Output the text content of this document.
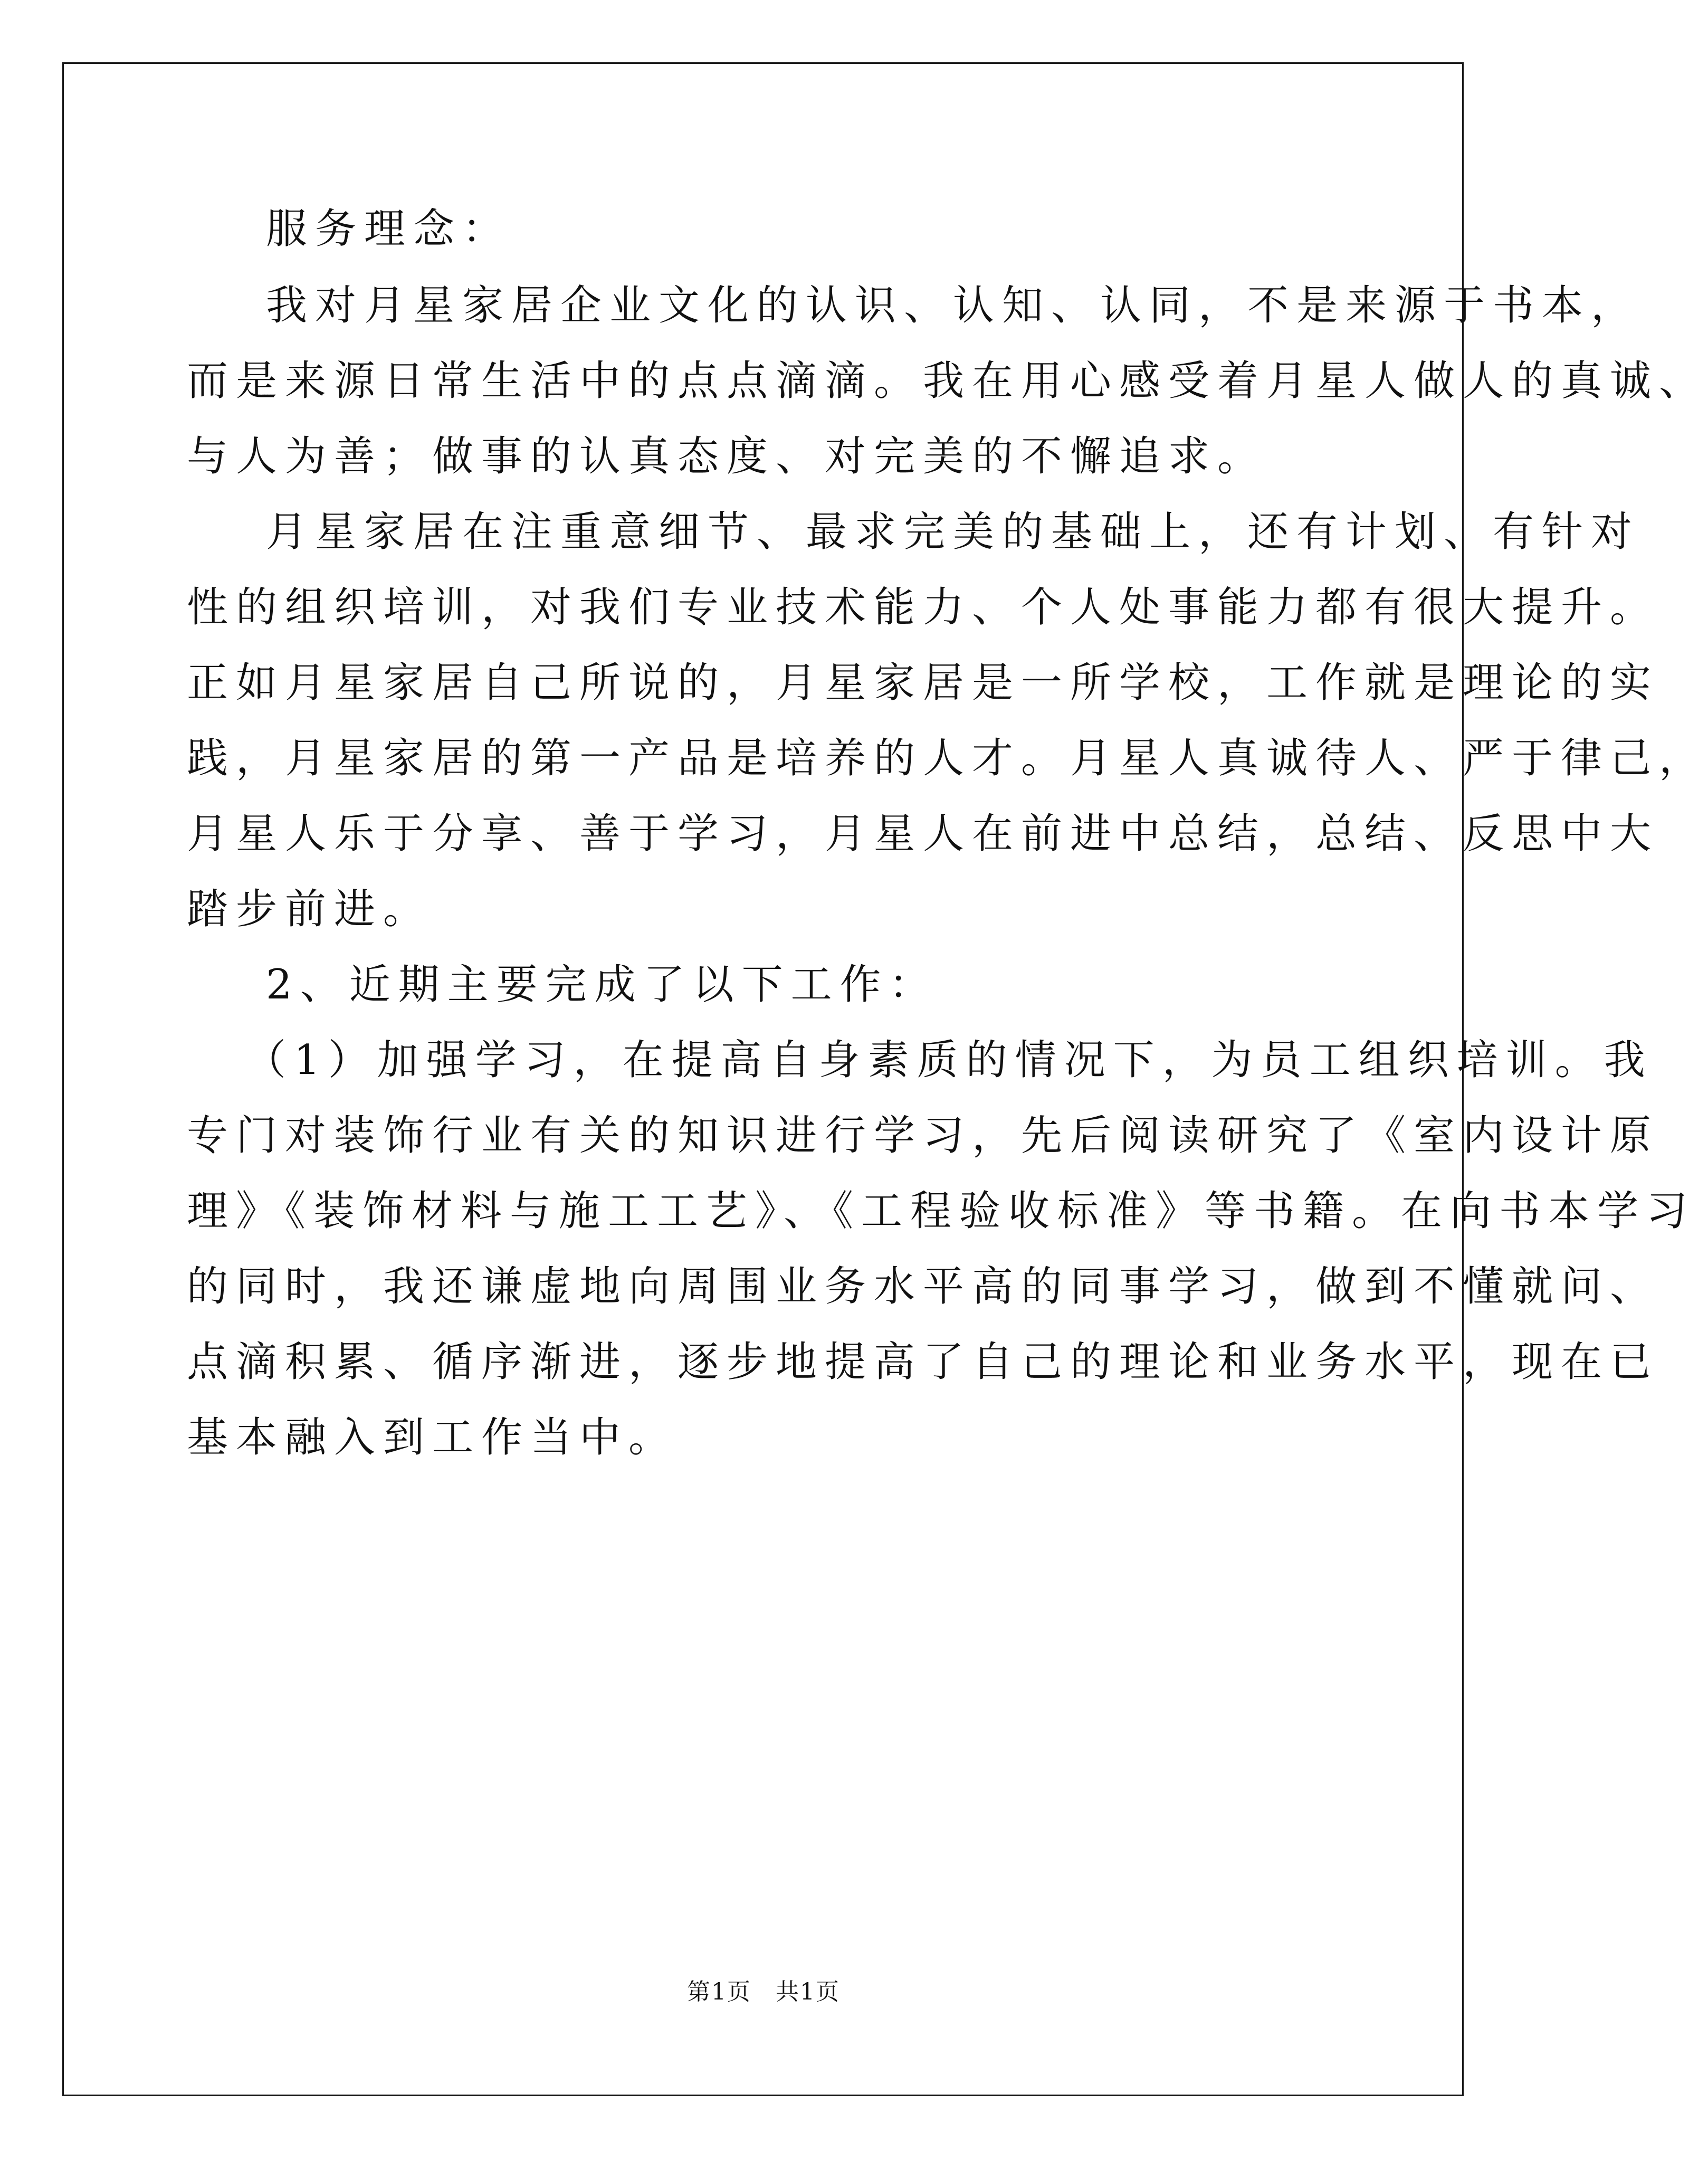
服务理念：
我对月星家居企业文化的认识、认知、认同，不是来源于书本，
而是来源日常生活中的点点滴滴。我在用心感受着月星人做人的真诚、
与人为善；做事的认真态度、对完美的不懈追求。
月星家居在注重意细节、最求完美的基础上，还有计划、有针对
性的组织培训，对我们专业技术能力、个人处事能力都有很大提升。
正如月星家居自己所说的，月星家居是一所学校，工作就是理论的实
践，月星家居的第一产品是培养的人才。月星人真诚待人、严于律己，
月星人乐于分享、善于学习，月星人在前进中总结，总结、反思中大
踏步前进。
2、近期主要完成了以下工作：
（1）加强学习，在提高自身素质的情况下，为员工组织培训。我
专门对装饰行业有关的知识进行学习，先后阅读研究了《室内设计原
理》《装饰材料与施工工艺》、《工程验收标准》等书籍。在向书本学习
的同时，我还谦虚地向周围业务水平高的同事学习，做到不懂就问、
点滴积累、循序渐进，逐步地提高了自己的理论和业务水平，现在已
基本融入到工作当中。
第1页　共1页
